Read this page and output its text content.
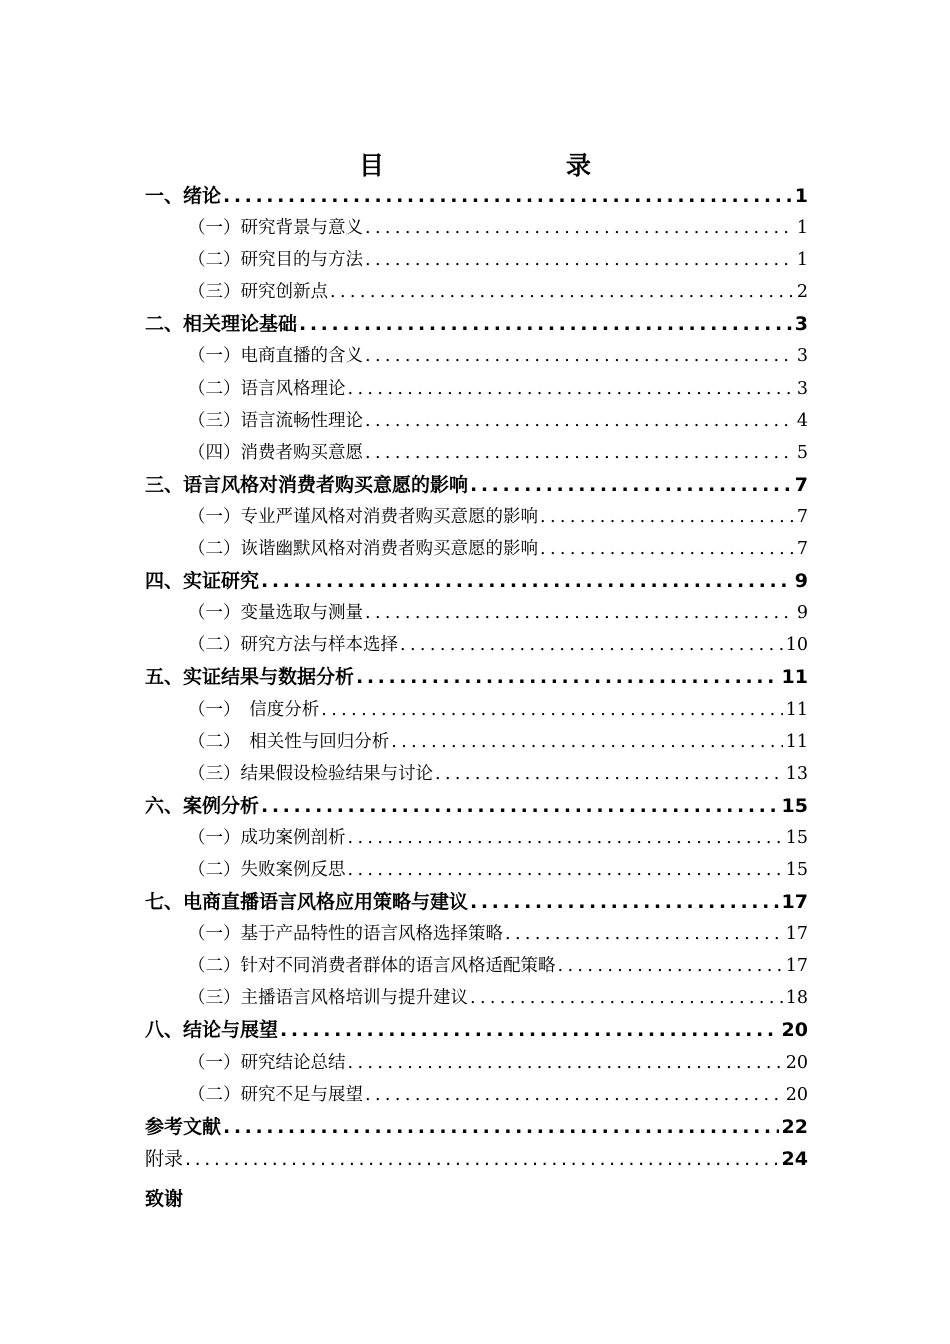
目　　录
一、绪论 .....	1
（一）研究背景与意义 .....	1
（二）研究目的与方法 .....	1
（三）研究创新点 .....	2
二、相关理论基础 .....	3
（一）电商直播的含义 .....	3
（二）语言风格理论 .....	3
（三）语言流畅性理论 .....	4
（四）消费者购买意愿 .....	5
三、语言风格对消费者购买意愿的影响 .....	7
（一）专业严谨风格对消费者购买意愿的影响 .....	7
（二）诙谐幽默风格对消费者购买意愿的影响 .....	7
四、实证研究 .....	9
（一）变量选取与测量 .....	9
（二）研究方法与样本选择 .....	10
五、实证结果与数据分析 .....	11
（一）　信度分析 .....	11
（二）　相关性与回归分析 .....	11
（三）结果假设检验结果与讨论 .....	13
六、案例分析 .....	15
（一）成功案例剖析 .....	15
（二）失败案例反思 .....	15
七、电商直播语言风格应用策略与建议 .....	17
（一）基于产品特性的语言风格选择策略 .....	17
（二）针对不同消费者群体的语言风格适配策略 .....	17
（三）主播语言风格培训与提升建议 .....	18
八、结论与展望 .....	20
（一）研究结论总结 .....	20
（二）研究不足与展望 .....	20
参考文献 .....	22
附录 .....	24
致谢
